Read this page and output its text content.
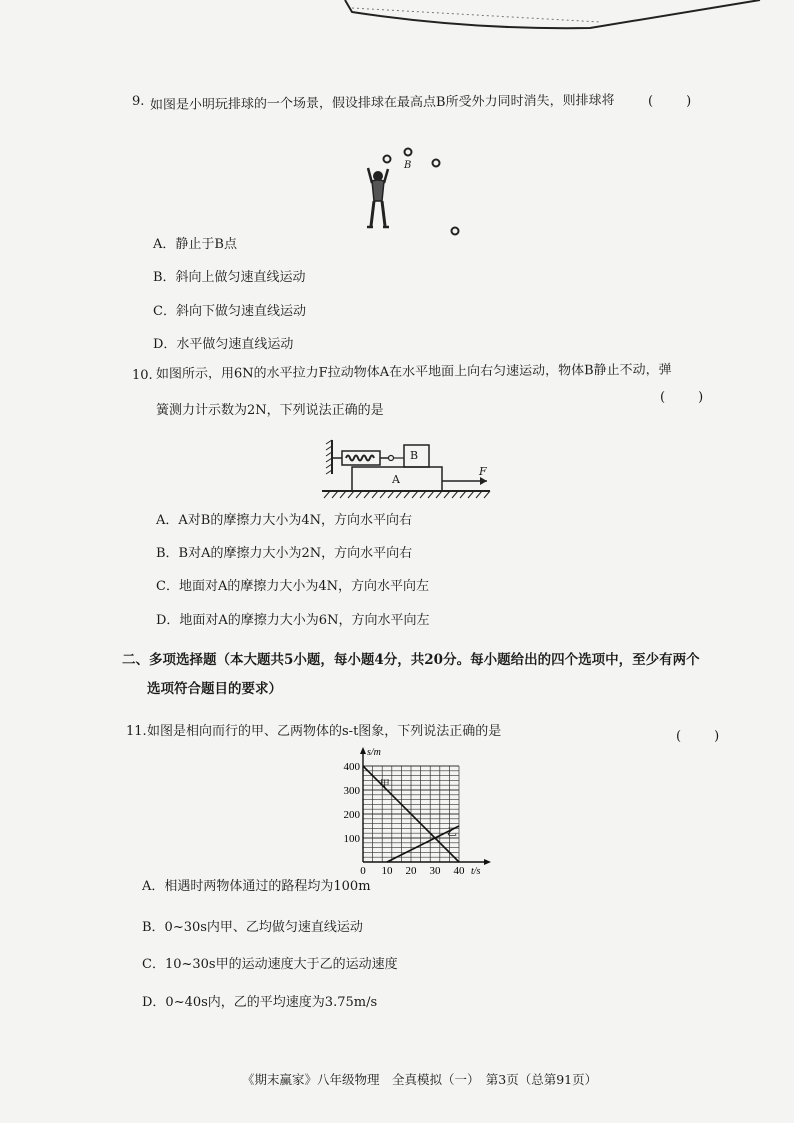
9. 如图是小明玩排球的一个场景，假设排球在最高点B所受外力同时消失，则排球将	(        )
B
A．静止于B点
B．斜向上做匀速直线运动
C．斜向下做匀速直线运动
D．水平做匀速直线运动
10. 如图所示，用6N的水平拉力F拉动物体A在水平地面上向右匀速运动，物体B静止不动，弹
簧测力计示数为2N，下列说法正确的是
(        )
B
A
F
A．A对B的摩擦力大小为4N，方向水平向右
B．B对A的摩擦力大小为2N，方向水平向右
C．地面对A的摩擦力大小为4N，方向水平向左
D．地面对A的摩擦力大小为6N，方向水平向左
二、多项选择题（本大题共5小题，每小题4分，共20分。每小题给出的四个选项中，至少有两个
选项符合题目的要求）
11. 如图是相向而行的甲、乙两物体的s-t图象，下列说法正确的是	(        )
100
200
300
400
0 10 20 30 40
s/m
t/s
甲
乙
A．相遇时两物体通过的路程均为100m
B．0~30s内甲、乙均做匀速直线运动
C．10~30s甲的运动速度大于乙的运动速度
D．0~40s内，乙的平均速度为3.75m/s
《期末赢家》八年级物理　全真模拟（一）　第3页（总第91页）
